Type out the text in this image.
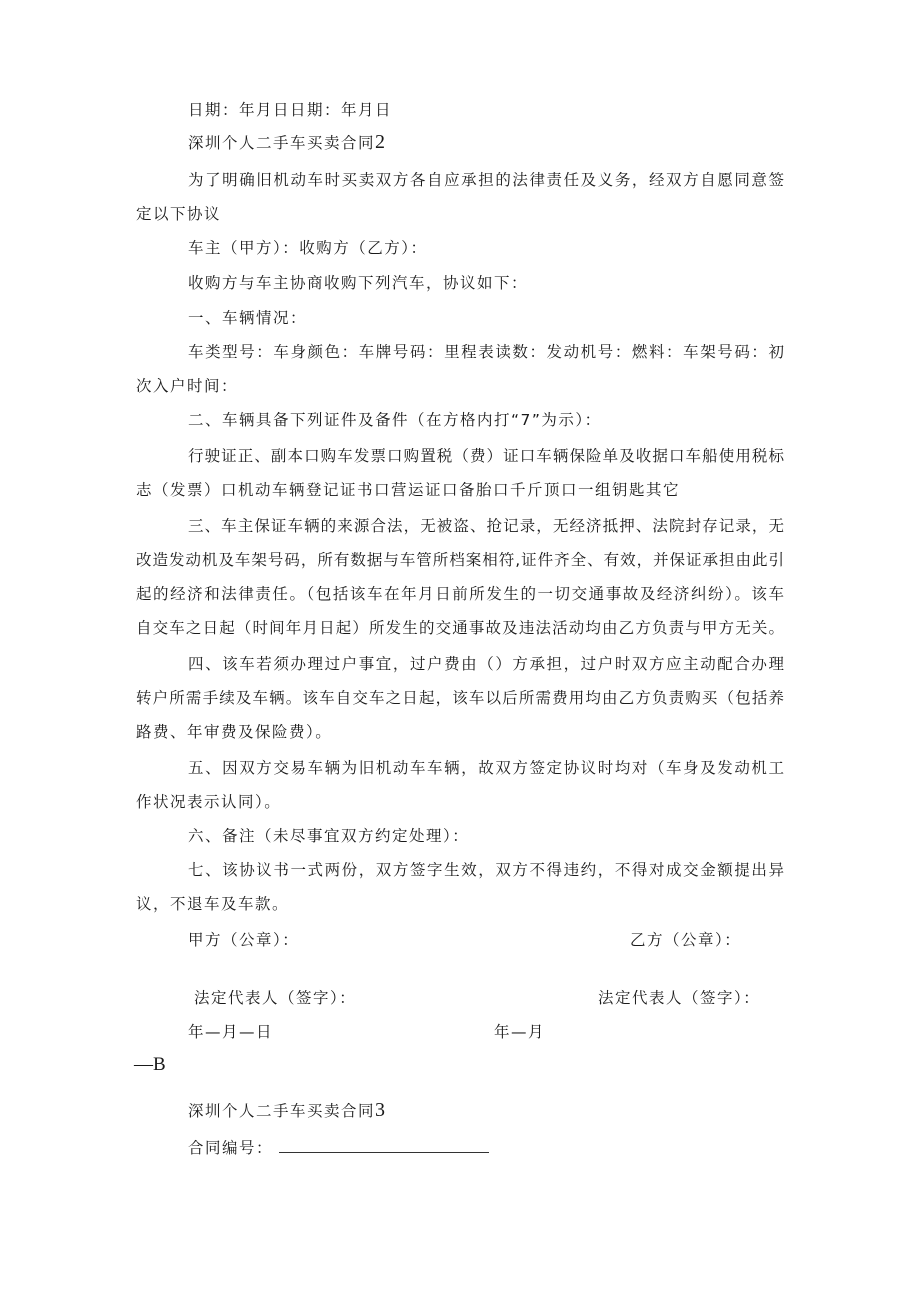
日期：年月日日期：年月日
深圳个人二手车买卖合同2
为了明确旧机动车时买卖双方各自应承担的法律责任及义务，经双方自愿同意签
定以下协议
车主（甲方）：收购方（乙方）：
收购方与车主协商收购下列汽车，协议如下：
一、车辆情况：
车类型号：车身颜色：车牌号码：里程表读数：发动机号：燃料：车架号码：初
次入户时间：
二、车辆具备下列证件及备件（在方格内打“7”为示）：
行驶证正、副本口购车发票口购置税（费）证口车辆保险单及收据口车船使用税标
志（发票）口机动车辆登记证书口营运证口备胎口千斤顶口一组钥匙其它
三、车主保证车辆的来源合法，无被盗、抢记录，无经济抵押、法院封存记录，无
改造发动机及车架号码，所有数据与车管所档案相符,证件齐全、有效，并保证承担由此引
起的经济和法律责任。（包括该车在年月日前所发生的一切交通事故及经济纠纷）。该车
自交车之日起（时间年月日起）所发生的交通事故及违法活动均由乙方负责与甲方无关。
四、该车若须办理过户事宜，过户费由（）方承担，过户时双方应主动配合办理
转户所需手续及车辆。该车自交车之日起，该车以后所需费用均由乙方负责购买（包括养
路费、年审费及保险费）。
五、因双方交易车辆为旧机动车车辆，故双方签定协议时均对（车身及发动机工
作状况表示认同）。
六、备注（未尽事宜双方约定处理）：
七、该协议书一式两份，双方签字生效，双方不得违约，不得对成交金额提出异
议，不退车及车款。
甲方（公章）：	乙方（公章）：
法定代表人（签字）：	法定代表人（签字）：
年—月—日	年—月
—B
深圳个人二手车买卖合同3
合同编号：
